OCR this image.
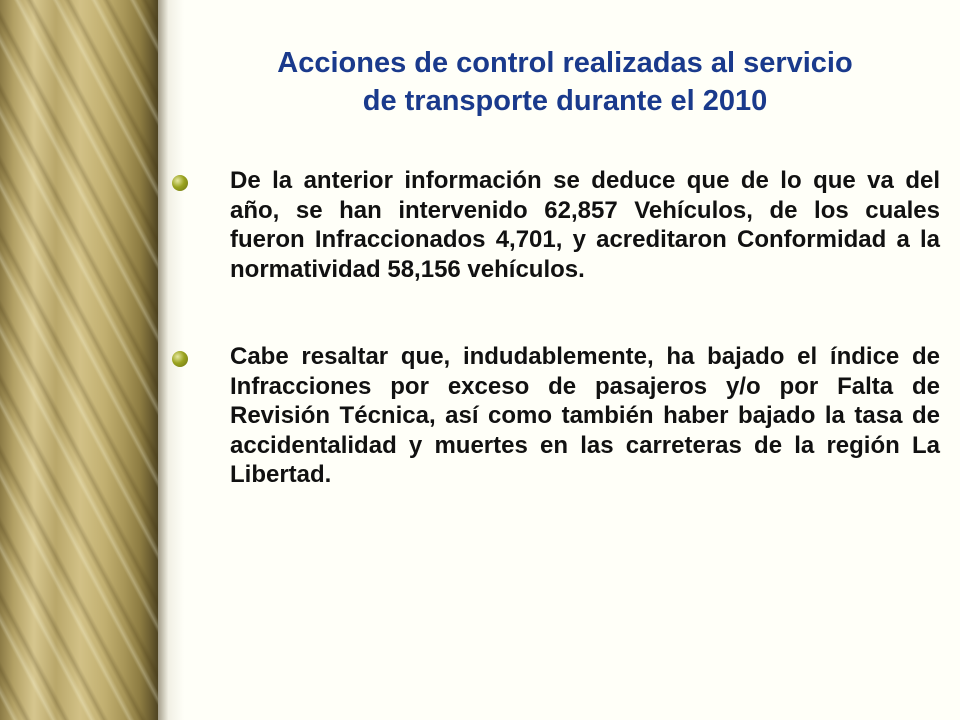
Acciones de control realizadas al servicio
de transporte durante el 2010
De la anterior información se deduce que de lo que va del año, se han intervenido 62,857 Vehículos, de los cuales fueron Infraccionados 4,701, y acreditaron Conformidad a la normatividad 58,156 vehículos.
Cabe resaltar que, indudablemente, ha bajado el índice de Infracciones por exceso de pasajeros y/o por Falta de Revisión Técnica, así como también haber bajado la tasa de accidentalidad y muertes en las carreteras de la región La Libertad.
